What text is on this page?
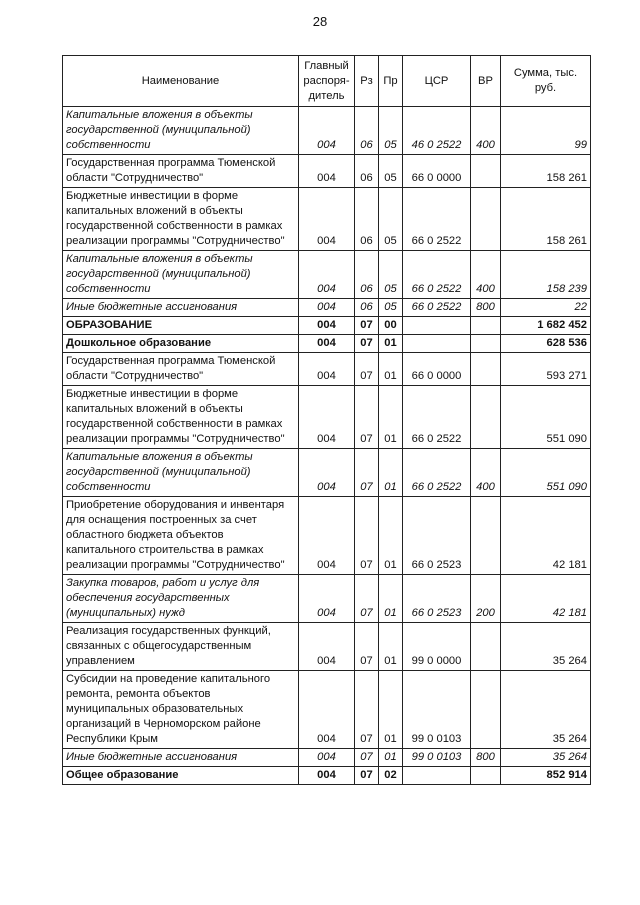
28
Наименование	Главный распоря-дитель	Рз	Пр	ЦСР	ВР	Сумма, тыс. руб.
Капитальные вложения в объекты государственной (муниципальной) собственности	004	06	05	46 0 2522	400	99
Государственная программа Тюменской области "Сотрудничество"	004	06	05	66 0 0000		158 261
Бюджетные инвестиции в форме капитальных вложений в объекты государственной собственности в рамках реализации программы "Сотрудничество"	004	06	05	66 0 2522		158 261
Капитальные вложения в объекты государственной (муниципальной) собственности	004	06	05	66 0 2522	400	158 239
Иные бюджетные ассигнования	004	06	05	66 0 2522	800	22
ОБРАЗОВАНИЕ	004	07	00			1 682 452
Дошкольное образование	004	07	01			628 536
Государственная программа Тюменской области "Сотрудничество"	004	07	01	66 0 0000		593 271
Бюджетные инвестиции в форме капитальных вложений в объекты государственной собственности в рамках реализации программы "Сотрудничество"	004	07	01	66 0 2522		551 090
Капитальные вложения в объекты государственной (муниципальной) собственности	004	07	01	66 0 2522	400	551 090
Приобретение оборудования и инвентаря для оснащения построенных за счет областного бюджета объектов капитального строительства в рамках реализации программы "Сотрудничество"	004	07	01	66 0 2523		42 181
Закупка товаров, работ и услуг для обеспечения государственных (муниципальных) нужд	004	07	01	66 0 2523	200	42 181
Реализация государственных функций, связанных с общегосударственным управлением	004	07	01	99 0 0000		35 264
Субсидии на проведение капитального ремонта, ремонта объектов муниципальных образовательных организаций в Черноморском районе Республики Крым	004	07	01	99 0 0103		35 264
Иные бюджетные ассигнования	004	07	01	99 0 0103	800	35 264
Общее образование	004	07	02			852 914
